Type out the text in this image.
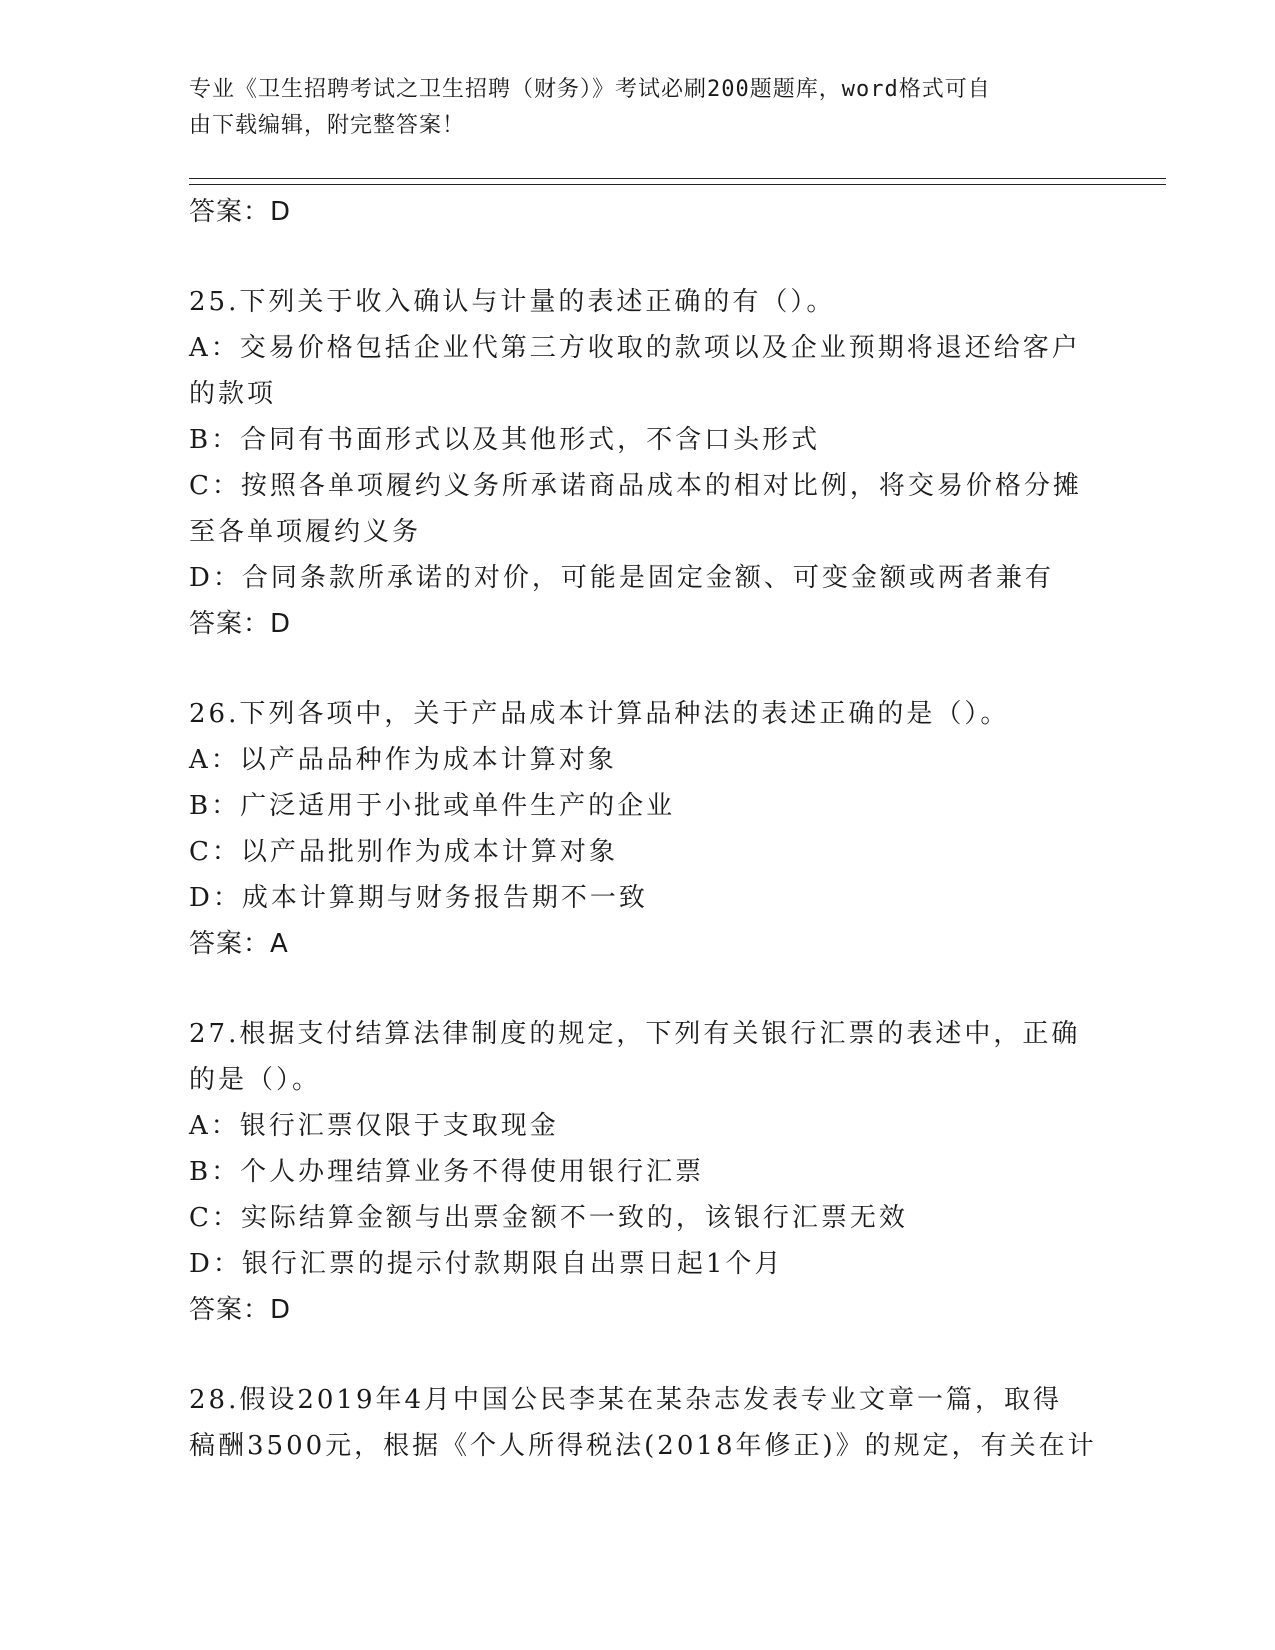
专业《卫生招聘考试之卫生招聘（财务）》考试必刷200题题库，word格式可自
由下载编辑，附完整答案！
答案：D
25.下列关于收入确认与计量的表述正确的有（）。
A：交易价格包括企业代第三方收取的款项以及企业预期将退还给客户
的款项
B：合同有书面形式以及其他形式，不含口头形式
C：按照各单项履约义务所承诺商品成本的相对比例，将交易价格分摊
至各单项履约义务
D：合同条款所承诺的对价，可能是固定金额、可变金额或两者兼有
答案：D
26.下列各项中，关于产品成本计算品种法的表述正确的是（）。
A：以产品品种作为成本计算对象
B：广泛适用于小批或单件生产的企业
C：以产品批别作为成本计算对象
D：成本计算期与财务报告期不一致
答案：A
27.根据支付结算法律制度的规定，下列有关银行汇票的表述中，正确
的是（）。
A：银行汇票仅限于支取现金
B：个人办理结算业务不得使用银行汇票
C：实际结算金额与出票金额不一致的，该银行汇票无效
D：银行汇票的提示付款期限自出票日起1个月
答案：D
28.假设2019年4月中国公民李某在某杂志发表专业文章一篇，取得
稿酬3500元，根据《个人所得税法(2018年修正)》的规定，有关在计
